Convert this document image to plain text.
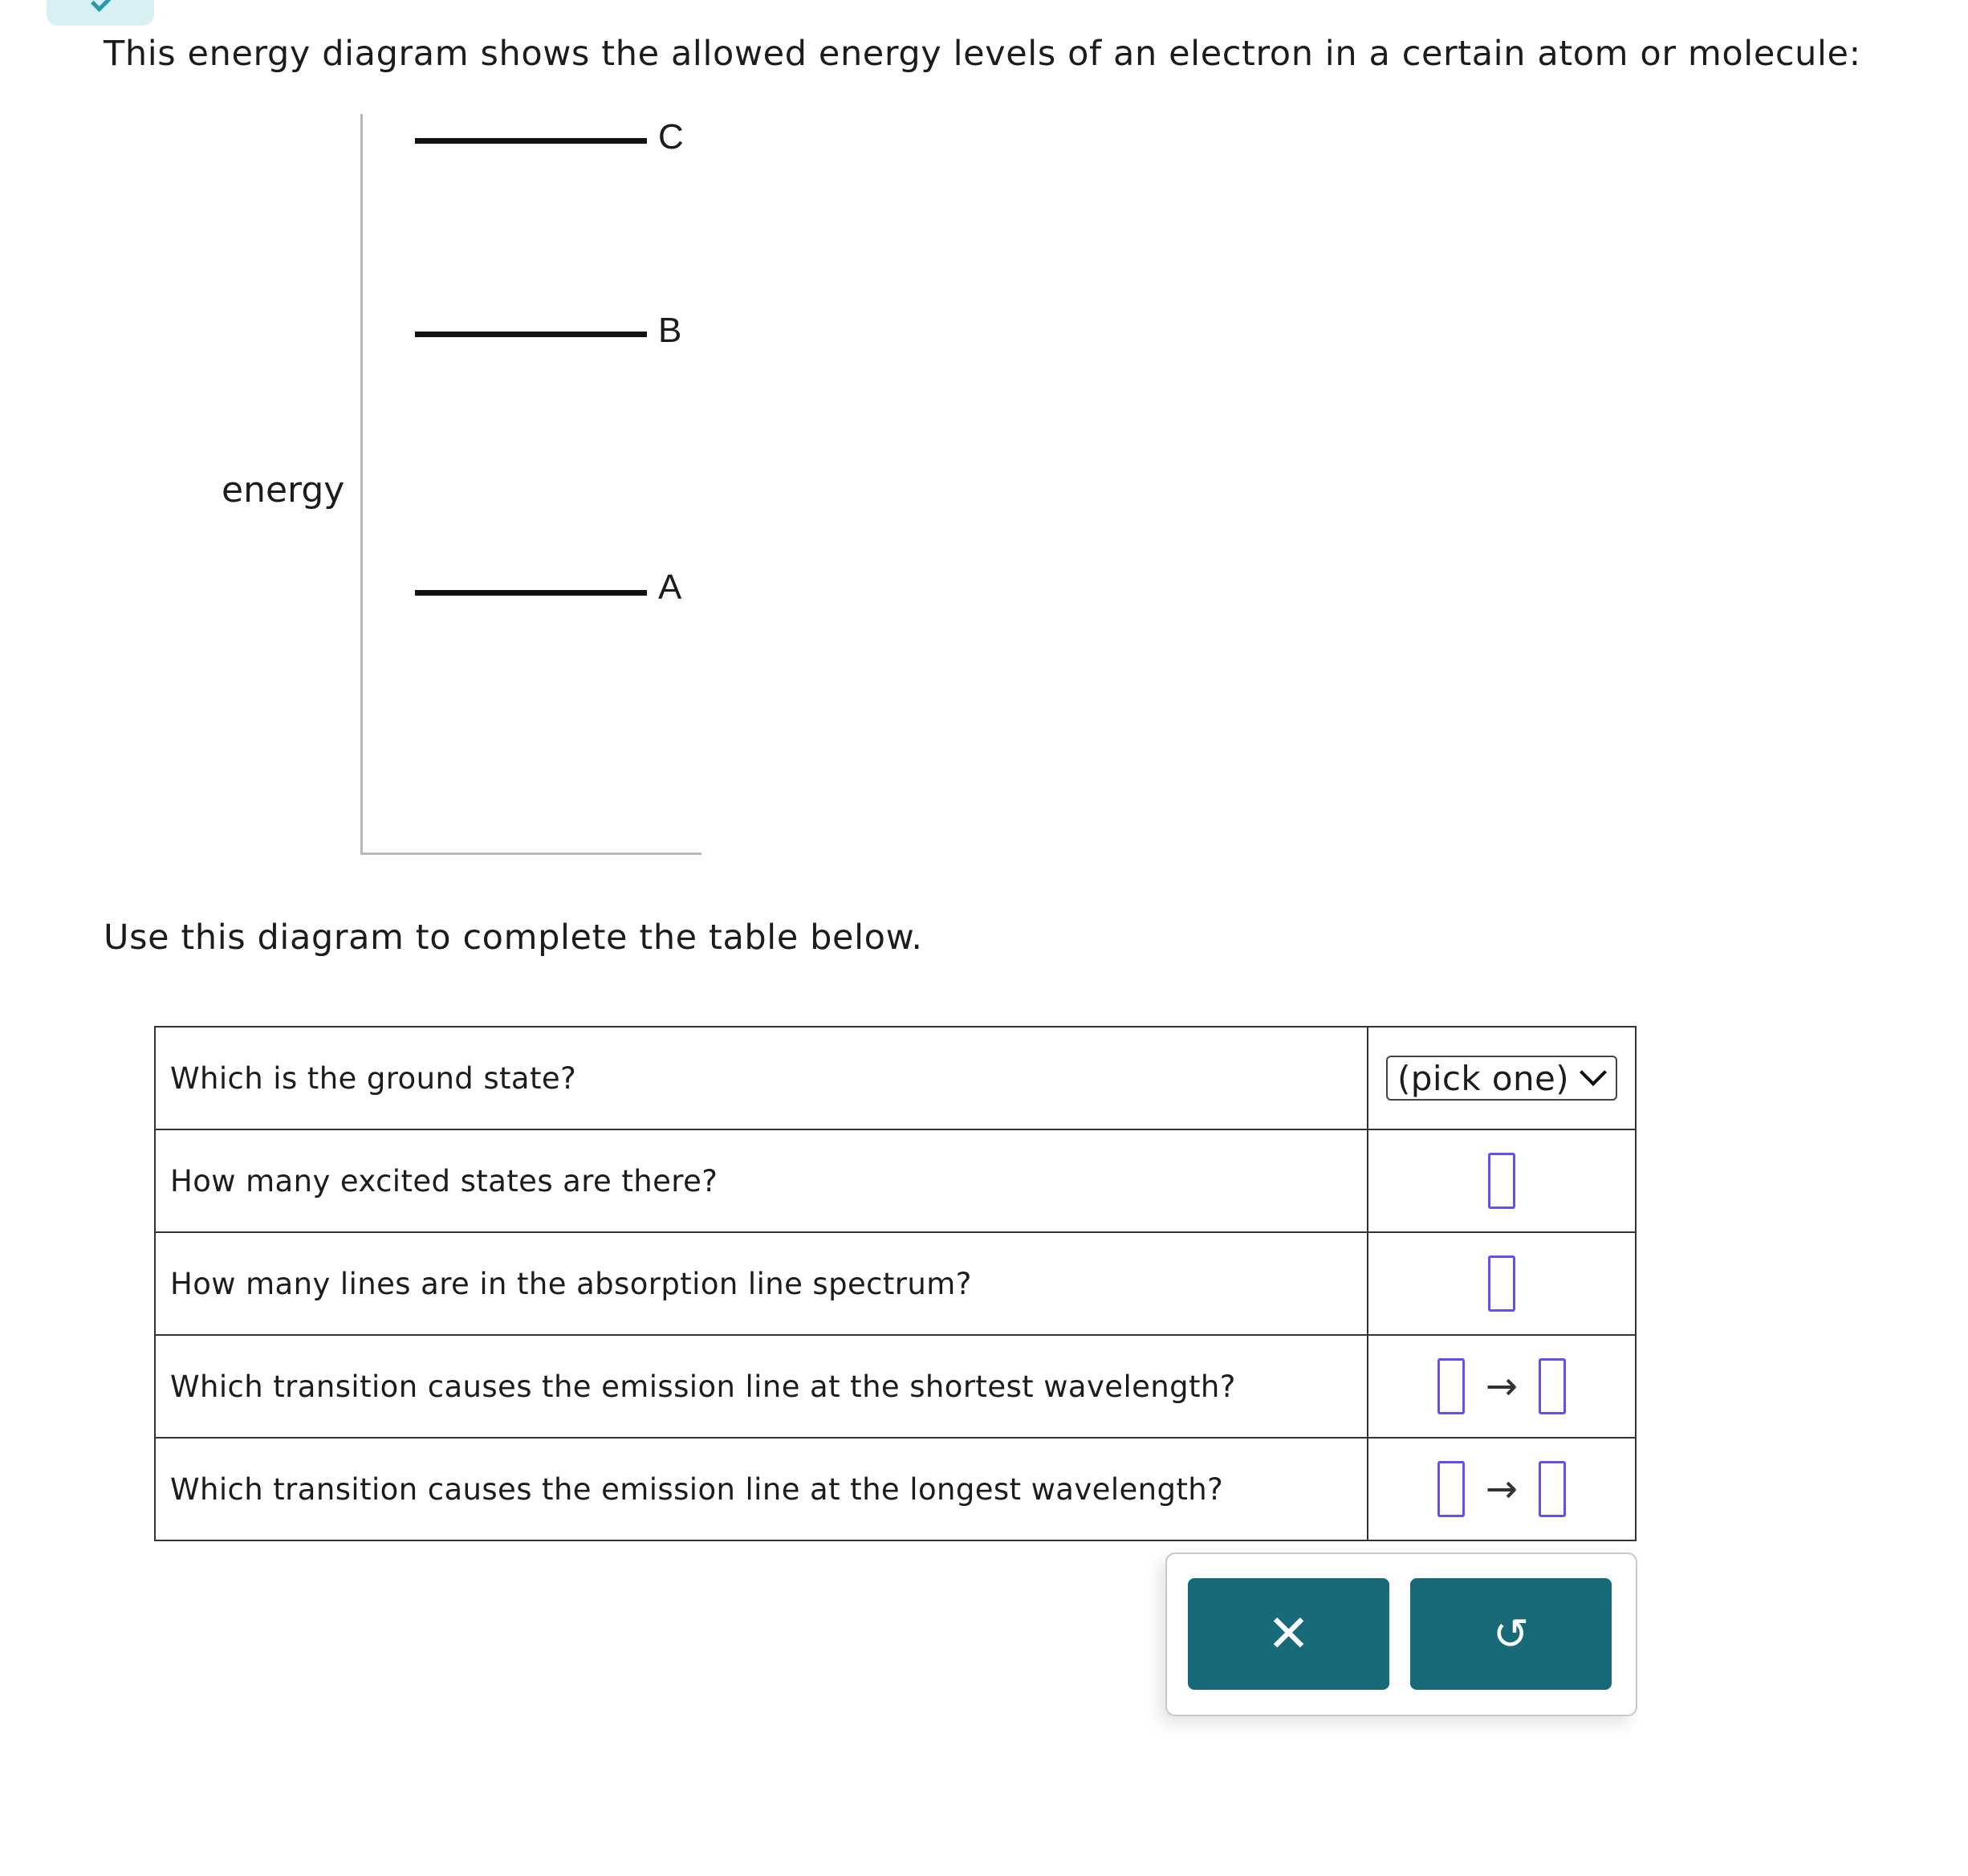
This energy diagram shows the allowed energy levels of an electron in a certain atom or molecule:
energy
C
B
A
Use this diagram to complete the table below.
Which is the ground state?	(pick one)

How many excited states are there?	
How many lines are in the absorption line spectrum?	
Which transition causes the emission line at the shortest wavelength?	→
Which transition causes the emission line at the longest wavelength?	→
✕	↺
